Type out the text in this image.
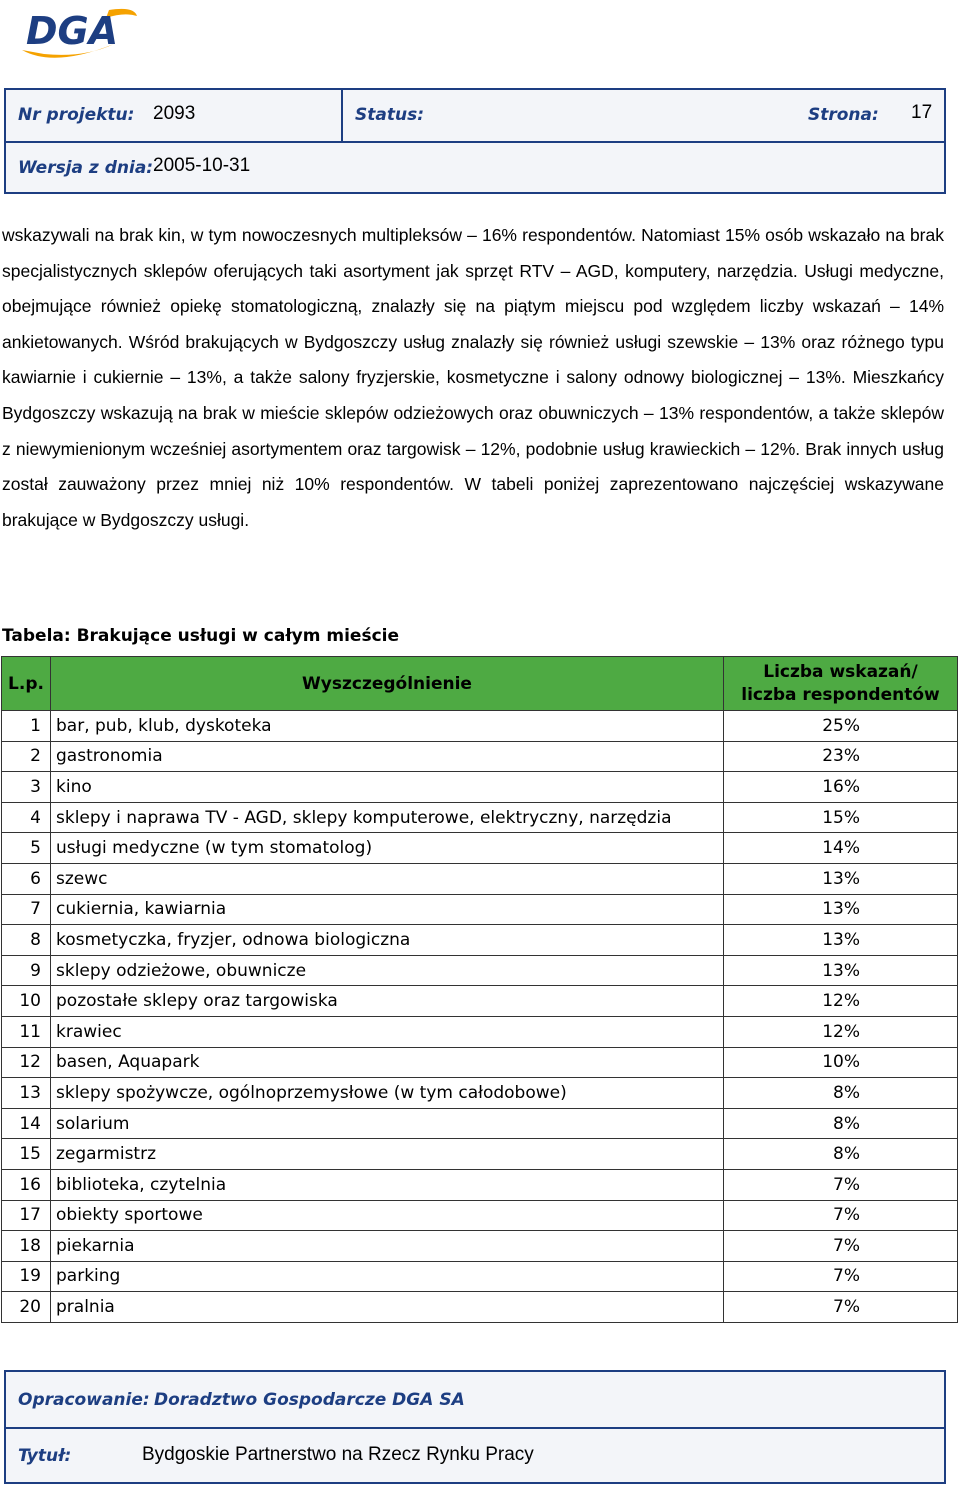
DGA
Nr projektu: 2093	Status:	Strona: 17
Wersja z dnia: 2005-10-31

wskazywali na brak kin, w tym nowoczesnych multipleksów – 16% respondentów. Natomiast 15% osób wskazało na brak specjalistycznych sklepów oferujących taki asortyment jak sprzęt RTV – AGD, komputery, narzędzia. Usługi medyczne, obejmujące również opiekę stomatologiczną, znalazły się na piątym miejscu pod względem liczby wskazań – 14% ankietowanych. Wśród brakujących w Bydgoszczy usług znalazły się również usługi szewskie – 13% oraz różnego typu kawiarnie i cukiernie – 13%, a także salony fryzjerskie, kosmetyczne i salony odnowy biologicznej – 13%. Mieszkańcy Bydgoszczy wskazują na brak w mieście sklepów odzieżowych oraz obuwniczych – 13% respondentów, a także sklepów z niewymienionym wcześniej asortymentem oraz targowisk – 12%, podobnie usług krawieckich – 12%. Brak innych usług został zauważony przez mniej niż 10% respondentów. W tabeli poniżej zaprezentowano najczęściej wskazywane brakujące w Bydgoszczy usługi.

Tabela: Brakujące usługi w całym mieście
L.p.	Wyszczególnienie	Liczba wskazań/
liczba respondentów
1	bar, pub, klub, dyskoteka	25%
2	gastronomia	23%
3	kino	16%
4	sklepy i naprawa TV - AGD, sklepy komputerowe, elektryczny, narzędzia	15%
5	usługi medyczne (w tym stomatolog)	14%
6	szewc	13%
7	cukiernia, kawiarnia	13%
8	kosmetyczka, fryzjer, odnowa biologiczna	13%
9	sklepy odzieżowe, obuwnicze	13%
10	pozostałe sklepy oraz targowiska	12%
11	krawiec	12%
12	basen, Aquapark	10%
13	sklepy spożywcze, ogólnoprzemysłowe (w tym całodobowe)	8%
14	solarium	8%
15	zegarmistrz	8%
16	biblioteka, czytelnia	7%
17	obiekty sportowe	7%
18	piekarnia	7%
19	parking	7%
20	pralnia	7%
Opracowanie: Doradztwo Gospodarcze DGA SA
Tytuł:	Bydgoskie Partnerstwo na Rzecz Rynku Pracy
